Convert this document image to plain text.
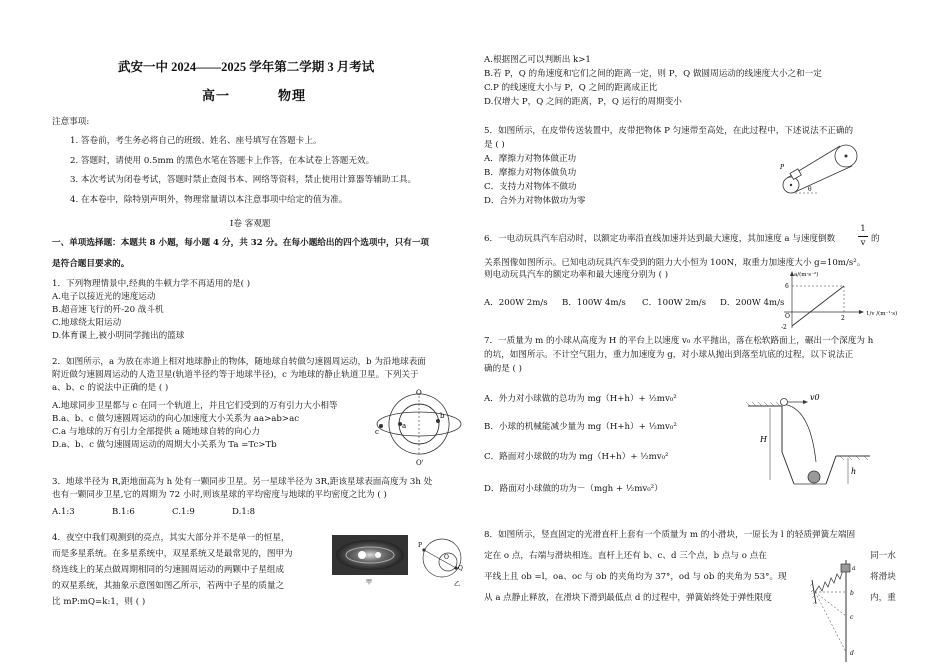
武安一中 2024——2025 学年第二学期 3 月考试
高一	物理
注意事项:
1. 答卷前，考生务必将自己的班级、姓名、座号填写在答题卡上。
2. 答题时，请使用 0.5mm 的黑色水笔在答题卡上作答，在本试卷上答题无效。
3. 本次考试为闭卷考试，答题时禁止查阅书本、网络等资料，禁止使用计算器等辅助工具。
4. 在本卷中，除特别声明外，物理常量请以本注意事项中给定的值为准。
Ⅰ卷 客观题
一、单项选择题：本题共 8 小题，每小题 4 分，共 32 分。在每小题给出的四个选项中，只有一项
是符合题目要求的。
1．下列物理情景中,经典的牛顿力学不再适用的是( )
A.电子以接近光的速度运动
B.超音速飞行的歼-20 战斗机
C.地球绕太阳运动
D.体育课上,被小明同学抛出的篮球
2．如图所示，a 为放在赤道上相对地球静止的物体，随地球自转做匀速圆周运动，b 为沿地球表面
附近做匀速圆周运动的人造卫星(轨道半径约等于地球半径)，c 为地球的静止轨道卫星。下列关于
a、b、c 的说法中正确的是 ( )
A.地球同步卫星都与 c 在同一个轨道上，并且它们受到的万有引力大小相等
B.a、b、c 做匀速圆周运动的向心加速度大小关系为 aa>ab>ac
C.a 与地球的万有引力全部提供 a 随地球自转的向心力
D.a、b、c 做匀速圆周运动的周期大小关系为 Ta =Tc>Tb
O
O'
a
b
c
3．地球半径为 R,距地面高为 h 处有一颗同步卫星。另一星球半径为 3R,距该星球表面高度为 3h 处
也有一颗同步卫星,它的周期为 72 小时,则该星球的平均密度与地球的平均密度之比为 ( )
A.1:3	B.1:6	C.1:9	D.1:8
4．夜空中我们观测到的亮点，其实大部分并不是单一的恒星，
而是多星系统。在多星系统中，双星系统又是最常见的，图甲为
绕连线上的某点做周期相同的匀速圆周运动的两颗中子星组成
的双星系统，其抽象示意图如图乙所示，若两中子星的质量之
比 mP:mQ=k:1，则 ( )
甲
P
O
Q
乙
A.根据图乙可以判断出 k>1
B.若 P，Q 的角速度和它们之间的距离一定，则 P，Q 做圆周运动的线速度大小之和一定
C.P 的线速度大小与 P，Q 之间的距离成正比
D.仅增大 P，Q 之间的距离，P，Q 运行的周期变小
5．如图所示，在皮带传送装置中，皮带把物体 P 匀速带至高处，在此过程中，下述说法不正确的
是 ( )
A．摩擦力对物体做正功
B．摩擦力对物体做负功
C．支持力对物体不做功
D．合外力对物体做功为零
P
θ
6．一电动玩具汽车启动时，以额定功率沿直线加速并达到最大速度，其加速度 a 与速度倒数
1
v 的
关系图像如图所示。已知电动玩具汽车受到的阻力大小恒为 100N，取重力加速度大小 g=10m/s²。
则电动玩具汽车的额定功率和最大速度分别为 ( )
A．200W 2m/s B．100W 4m/s C．100W 2m/s D．200W 4m/s
a/(m·s⁻²)
6
O
-2
2
1/v /(m⁻¹·s)
7．一质量为 m 的小球从高度为 H 的平台上以速度 v₀ 水平抛出，落在松软路面上，碾出一个深度为 h
的坑，如图所示。不计空气阻力，重力加速度为 g，对小球从抛出到落至坑底的过程，以下说法正
确的是 ( )
A．外力对小球做的总功为 mg（H+h）+ ½mv₀²
B．小球的机械能减少量为 mg（H+h）+ ½mv₀²
C．路面对小球做的功为 mg（H+h）+ ½mv₀²
D．路面对小球做的功为－（mgh + ½mv₀²）
v0
H
h
8．如图所示，竖直固定的光滑直杆上套有一个质量为 m 的小滑块，一原长为 l 的轻质弹簧左端固
定在 o 点，右端与滑块相连。直杆上还有 b、c、d 三个点，b 点与 o 点在
平线上且 ob =l，oa、oc 与 ob 的夹角均为 37°，od 与 ob 的夹角为 53°。现
从 a 点静止释放，在滑块下滑到最低点 d 的过程中，弹簧始终处于弹性限度
同一水
将滑块
内，重
a
b
c
d
